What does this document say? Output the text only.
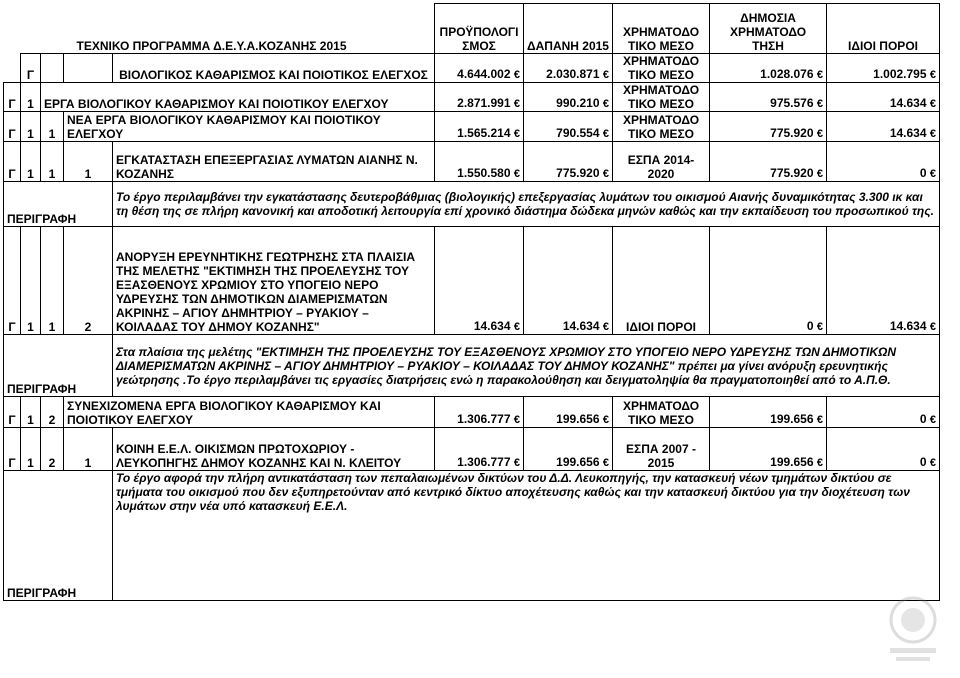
	ΤΕΧΝΙΚΟ ΠΡΟΓΡΑΜΜΑ Δ.Ε.Υ.Α.ΚΟΖΑΝΗΣ 2015				ΠΡΟΫΠΟΛΟΓΙ ΣΜΟΣ	ΔΑΠΑΝΗ 2015	ΧΡΗΜΑΤΟΔΟ ΤΙΚΟ ΜΕΣΟ	ΔΗΜΟΣΙΑ ΧΡΗΜΑΤΟΔΟ ΤΗΣΗ	ΙΔΙΟΙ ΠΟΡΟΙ
	Γ			ΒΙΟΛΟΓΙΚΟΣ ΚΑΘΑΡΙΣΜΟΣ ΚΑΙ ΠΟΙΟΤΙΚΟΣ ΕΛΕΓΧΟΣ	4.644.002 €	2.030.871 €	ΧΡΗΜΑΤΟΔΟ ΤΙΚΟ ΜΕΣΟ	1.028.076 €	1.002.795 €
Γ	1	ΕΡΓΑ ΒΙΟΛΟΓΙΚΟΥ ΚΑΘΑΡΙΣΜΟΥ ΚΑΙ ΠΟΙΟΤΙΚΟΥ ΕΛΕΓΧΟΥ			2.871.991 €	990.210 €	ΧΡΗΜΑΤΟΔΟ ΤΙΚΟ ΜΕΣΟ	975.576 €	14.634 €
Γ	1	1	ΝΕΑ ΕΡΓΑ ΒΙΟΛΟΓΙΚΟΥ ΚΑΘΑΡΙΣΜΟΥ ΚΑΙ ΠΟΙΟΤΙΚΟΥ ΕΛΕΓΧΟΥ		1.565.214 €	790.554 €	ΧΡΗΜΑΤΟΔΟ ΤΙΚΟ ΜΕΣΟ	775.920 €	14.634 €
Γ	1	1	1	ΕΓΚΑΤΑΣΤΑΣΗ ΕΠΕΞΕΡΓΑΣΙΑΣ ΛΥΜΑΤΩΝ ΑΙΑΝΗΣ Ν. ΚΟΖΑΝΗΣ	1.550.580 €	775.920 €	ΕΣΠΑ 2014-2020	775.920 €	0 €
ΠΕΡΙΓΡΑΦΗ				Το έργο περιλαμβάνει την εγκατάστασης δευτεροβάθμιας (βιολογικής) επεξεργασίας λυμάτων του οικισμού Αιανής δυναμικότητας 3.300 ικ και τη θέση της σε πλήρη κανονική και αποδοτική λειτουργία επί χρονικό διάστημα δώδεκα μηνών καθώς και την εκπαίδευση του προσωπικού της.					
Γ	1	1	2	ΑΝΟΡΥΞΗ ΕΡΕΥΝΗΤΙΚΗΣ ΓΕΩΤΡΗΣΗΣ ΣΤΑ ΠΛΑΙΣΙΑ ΤΗΣ ΜΕΛΕΤΗΣ "ΕΚΤΙΜΗΣΗ ΤΗΣ ΠΡΟΕΛΕΥΣΗΣ ΤΟΥ ΕΞΑΣΘΕΝΟΥΣ ΧΡΩΜΙΟΥ ΣΤΟ ΥΠΟΓΕΙΟ ΝΕΡΟ ΥΔΡΕΥΣΗΣ ΤΩΝ ΔΗΜΟΤΙΚΩΝ ΔΙΑΜΕΡΙΣΜΑΤΩΝ ΑΚΡΙΝΗΣ – ΑΓΙΟΥ ΔΗΜΗΤΡΙΟΥ – ΡΥΑΚΙΟΥ – ΚΟΙΛΑΔΑΣ ΤΟΥ ΔΗΜΟΥ ΚΟΖΑΝΗΣ"	14.634 €	14.634 €	ΙΔΙΟΙ ΠΟΡΟΙ	0 €	14.634 €
ΠΕΡΙΓΡΑΦΗ				Στα πλαίσια της μελέτης "ΕΚΤΙΜΗΣΗ ΤΗΣ ΠΡΟΕΛΕΥΣΗΣ ΤΟΥ ΕΞΑΣΘΕΝΟΥΣ ΧΡΩΜΙΟΥ ΣΤΟ ΥΠΟΓΕΙΟ ΝΕΡΟ ΥΔΡΕΥΣΗΣ ΤΩΝ ΔΗΜΟΤΙΚΩΝ ΔΙΑΜΕΡΙΣΜΑΤΩΝ ΑΚΡΙΝΗΣ – ΑΓΙΟΥ ΔΗΜΗΤΡΙΟΥ – ΡΥΑΚΙΟΥ – ΚΟΙΛΑΔΑΣ ΤΟΥ ΔΗΜΟΥ ΚΟΖΑΝΗΣ" πρέπει μα γίνει ανόρυξη ερευνητικής γεώτρησης .Το έργο περιλαμβάνει τις εργασίες διατρήσεις ενώ η παρακολούθηση και δειγματοληψία θα πραγματοποιηθεί από το Α.Π.Θ.					
Γ	1	2	ΣΥΝΕΧΙΖΟΜΕΝΑ ΕΡΓΑ ΒΙΟΛΟΓΙΚΟΥ ΚΑΘΑΡΙΣΜΟΥ ΚΑΙ ΠΟΙΟΤΙΚΟΥ ΕΛΕΓΧΟΥ		1.306.777 €	199.656 €	ΧΡΗΜΑΤΟΔΟ ΤΙΚΟ ΜΕΣΟ	199.656 €	0 €
Γ	1	2	1	ΚΟΙΝΗ Ε.Ε.Λ. ΟΙΚΙΣΜΩΝ ΠΡΩΤΟΧΩΡΙΟΥ - ΛΕΥΚΟΠΗΓΗΣ ΔΗΜΟΥ ΚΟΖΑΝΗΣ ΚΑΙ Ν. ΚΛΕΙΤΟΥ	1.306.777 €	199.656 €	ΕΣΠΑ 2007 - 2015	199.656 €	0 €
ΠΕΡΙΓΡΑΦΗ				Το έργο αφορά την πλήρη αντικατάσταση των πεπαλαιωμένων δικτύων του Δ.Δ. Λευκοπηγής, την κατασκευή νέων τμημάτων δικτύου σε τμήματα του οικισμού που δεν εξυπηρετούνταν από κεντρικό δίκτυο αποχέτευσης καθώς και την κατασκευή δικτύου για την διοχέτευση των λυμάτων στην νέα υπό κατασκευή Ε.Ε.Λ.					
